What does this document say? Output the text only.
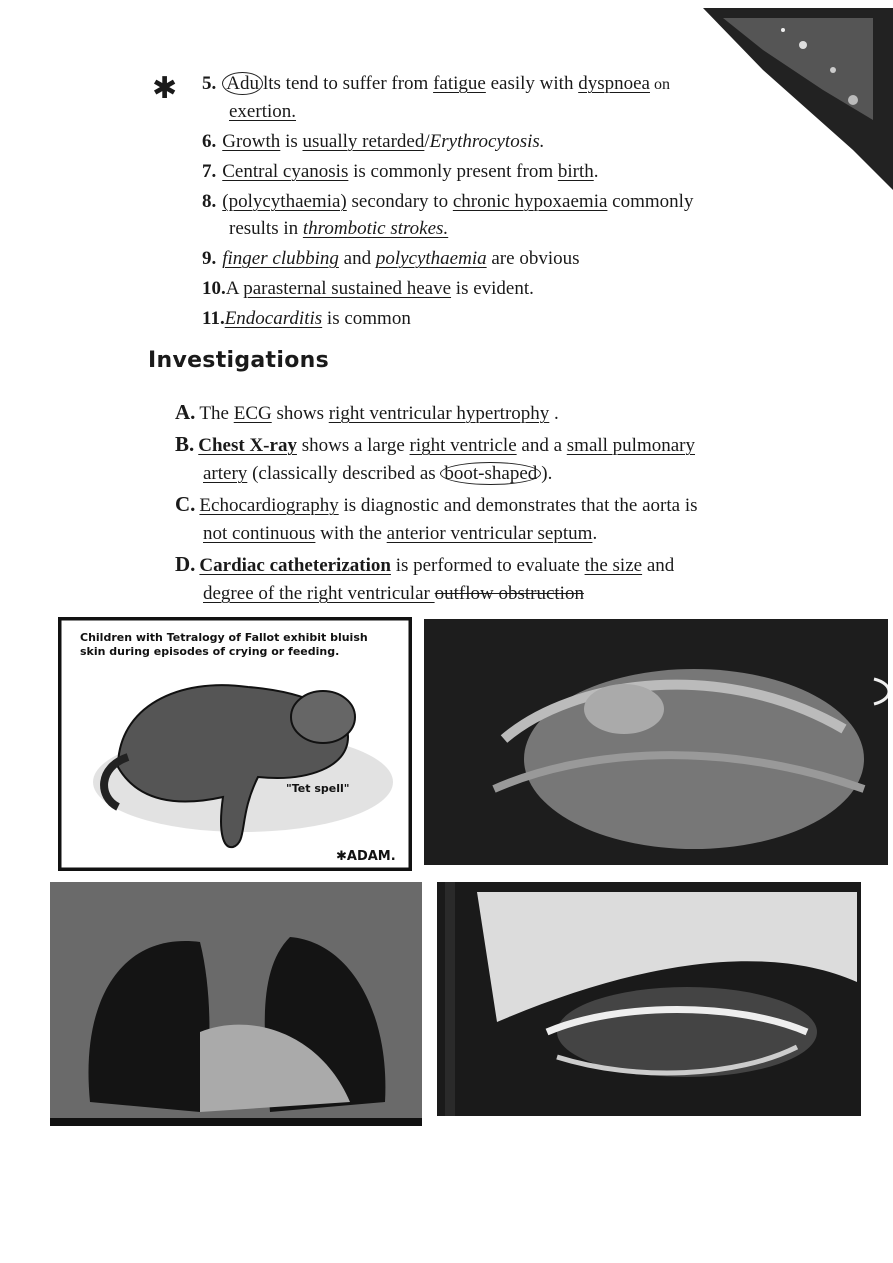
✱ 5. Adu lts tend to suffer from fatigue easily with dyspnoea on
exertion.
6. Growth is usually retarded/Erythrocytosis.
7. Central cyanosis is commonly present from birth.
8. (polycythaemia) secondary to chronic hypoxaemia commonly
results in thrombotic strokes.
9. finger clubbing and polycythaemia are obvious
10.A parasternal sustained heave is evident.
11.Endocarditis is common
Investigations
A. The ECG shows right ventricular hypertrophy .
B. Chest X-ray shows a large right ventricle and a small pulmonary
artery (classically described as boot-shaped ).
C. Echocardiography is diagnostic and demonstrates that the aorta is
not continuous with the anterior ventricular septum.
D. Cardiac catheterization is performed to evaluate the size and
degree of the right ventricular outflow obstruction
Children with Tetralogy of Fallot exhibit bluish skin during episodes of crying or feeding.
"Tet spell"
✱ADAM.
